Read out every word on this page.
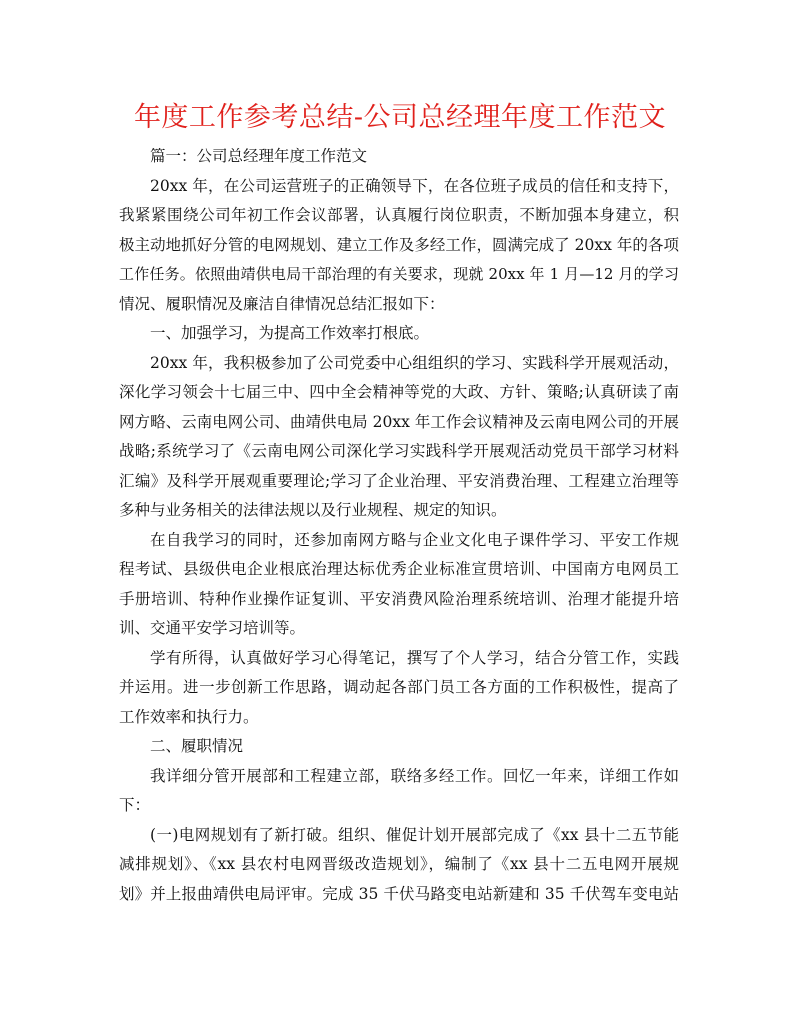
年度工作参考总结-公司总经理年度工作范文
篇一：公司总经理年度工作范文
20xx 年，在公司运营班子的正确领导下，在各位班子成员的信任和支持下，
我紧紧围绕公司年初工作会议部署，认真履行岗位职责，不断加强本身建立，积
极主动地抓好分管的电网规划、建立工作及多经工作，圆满完成了 20xx 年的各项
工作任务。依照曲靖供电局干部治理的有关要求，现就 20xx 年 1 月—12 月的学习
情况、履职情况及廉洁自律情况总结汇报如下：
一、加强学习，为提高工作效率打根底。
20xx 年，我积极参加了公司党委中心组组织的学习、实践科学开展观活动，
深化学习领会十七届三中、四中全会精神等党的大政、方针、策略;认真研读了南
网方略、云南电网公司、曲靖供电局 20xx 年工作会议精神及云南电网公司的开展
战略;系统学习了《云南电网公司深化学习实践科学开展观活动党员干部学习材料
汇编》及科学开展观重要理论;学习了企业治理、平安消费治理、工程建立治理等
多种与业务相关的法律法规以及行业规程、规定的知识。
在自我学习的同时，还参加南网方略与企业文化电子课件学习、平安工作规
程考试、县级供电企业根底治理达标优秀企业标准宣贯培训、中国南方电网员工
手册培训、特种作业操作证复训、平安消费风险治理系统培训、治理才能提升培
训、交通平安学习培训等。
学有所得，认真做好学习心得笔记，撰写了个人学习，结合分管工作，实践
并运用。进一步创新工作思路，调动起各部门员工各方面的工作积极性，提高了
工作效率和执行力。
二、履职情况
我详细分管开展部和工程建立部，联络多经工作。回忆一年来，详细工作如
下：
(一)电网规划有了新打破。组织、催促计划开展部完成了《xx 县十二五节能
减排规划》、《xx 县农村电网晋级改造规划》，编制了《xx 县十二五电网开展规
划》并上报曲靖供电局评审。完成 35 千伏马路变电站新建和 35 千伏驾车变电站
